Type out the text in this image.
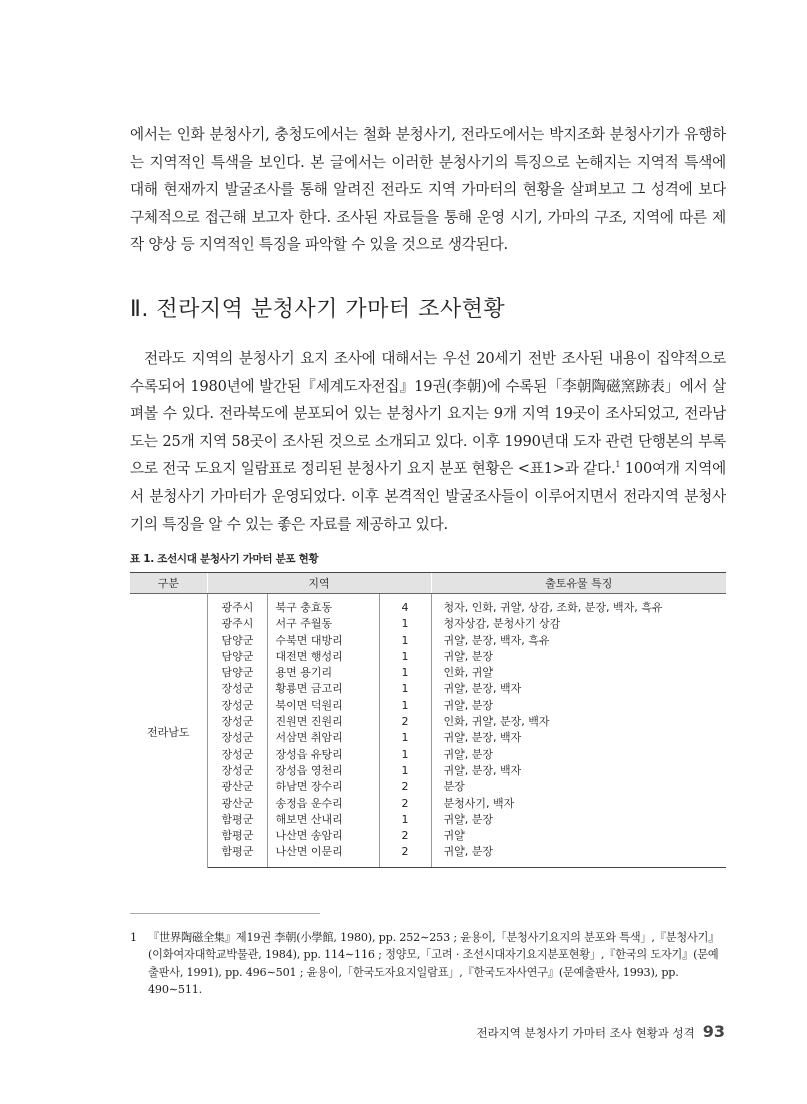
에서는 인화 분청사기, 충청도에서는 철화 분청사기, 전라도에서는 박지조화 분청사기가 유행하는 지역적인 특색을 보인다. 본 글에서는 이러한 분청사기의 특징으로 논해지는 지역적 특색에 대해 현재까지 발굴조사를 통해 알려진 전라도 지역 가마터의 현황을 살펴보고 그 성격에 보다 구체적으로 접근해 보고자 한다. 조사된 자료들을 통해 운영 시기, 가마의 구조, 지역에 따른 제작 양상 등 지역적인 특징을 파악할 수 있을 것으로 생각된다.

Ⅱ. 전라지역 분청사기 가마터 조사현황

전라도 지역의 분청사기 요지 조사에 대해서는 우선 20세기 전반 조사된 내용이 집약적으로 수록되어 1980년에 발간된『세계도자전집』19권(李朝)에 수록된「李朝陶磁窯跡表」에서 살펴볼 수 있다. 전라북도에 분포되어 있는 분청사기 요지는 9개 지역 19곳이 조사되었고, 전라남도는 25개 지역 58곳이 조사된 것으로 소개되고 있다. 이후 1990년대 도자 관련 단행본의 부록으로 전국 도요지 일람표로 정리된 분청사기 요지 분포 현황은 <표1>과 같다.$^1$ 100여개 지역에서 분청사기 가마터가 운영되었다. 이후 본격적인 발굴조사들이 이루어지면서 전라지역 분청사기의 특징을 알 수 있는 좋은 자료를 제공하고 있다.

표 1. 조선시대 분청사기 가마터 분포 현황
구분	지역			출토유물 특징
전라남도	광주시	북구 충효동	4	청자, 인화, 귀얄, 상감, 조화, 분장, 백자, 흑유
	광주시	서구 주월동	1	청자상감, 분청사기 상감
	담양군	수북면 대방리	1	귀얄, 분장, 백자, 흑유
	담양군	대전면 행성리	1	귀얄, 분장
	담양군	용면 용기리	1	인화, 귀얄
	장성군	황룡면 금고리	1	귀얄, 분장, 백자
	장성군	북이면 덕원리	1	귀얄, 분장
	장성군	진원면 진원리	2	인화, 귀얄, 분장, 백자
	장성군	서삼면 취암리	1	귀얄, 분장, 백자
	장성군	장성읍 유탕리	1	귀얄, 분장
	장성군	장성읍 영천리	1	귀얄, 분장, 백자
	광산군	하남면 장수리	2	분장
	광산군	송정읍 운수리	2	분청사기, 백자
	함평군	해보면 산내리	1	귀얄, 분장
	함평군	나산면 송암리	2	귀얄
	함평군	나산면 이문리	2	귀얄, 분장
1 『世界陶磁全集』제19권 李朝(小學館, 1980), pp. 252∼253 ; 윤용이,「분청사기요지의 분포와 특색」,『분청사기』(이화여자대학교박물관, 1984), pp. 114∼116 ; 정양모,「고려 · 조선시대자기요지분포현황」,『한국의 도자기』(문예출판사, 1991), pp. 496∼501 ; 윤용이,「한국도자요지일람표」,『한국도자사연구』(문예출판사, 1993), pp. 490∼511.
전라지역 분청사기 가마터 조사 현황과 성격 93
